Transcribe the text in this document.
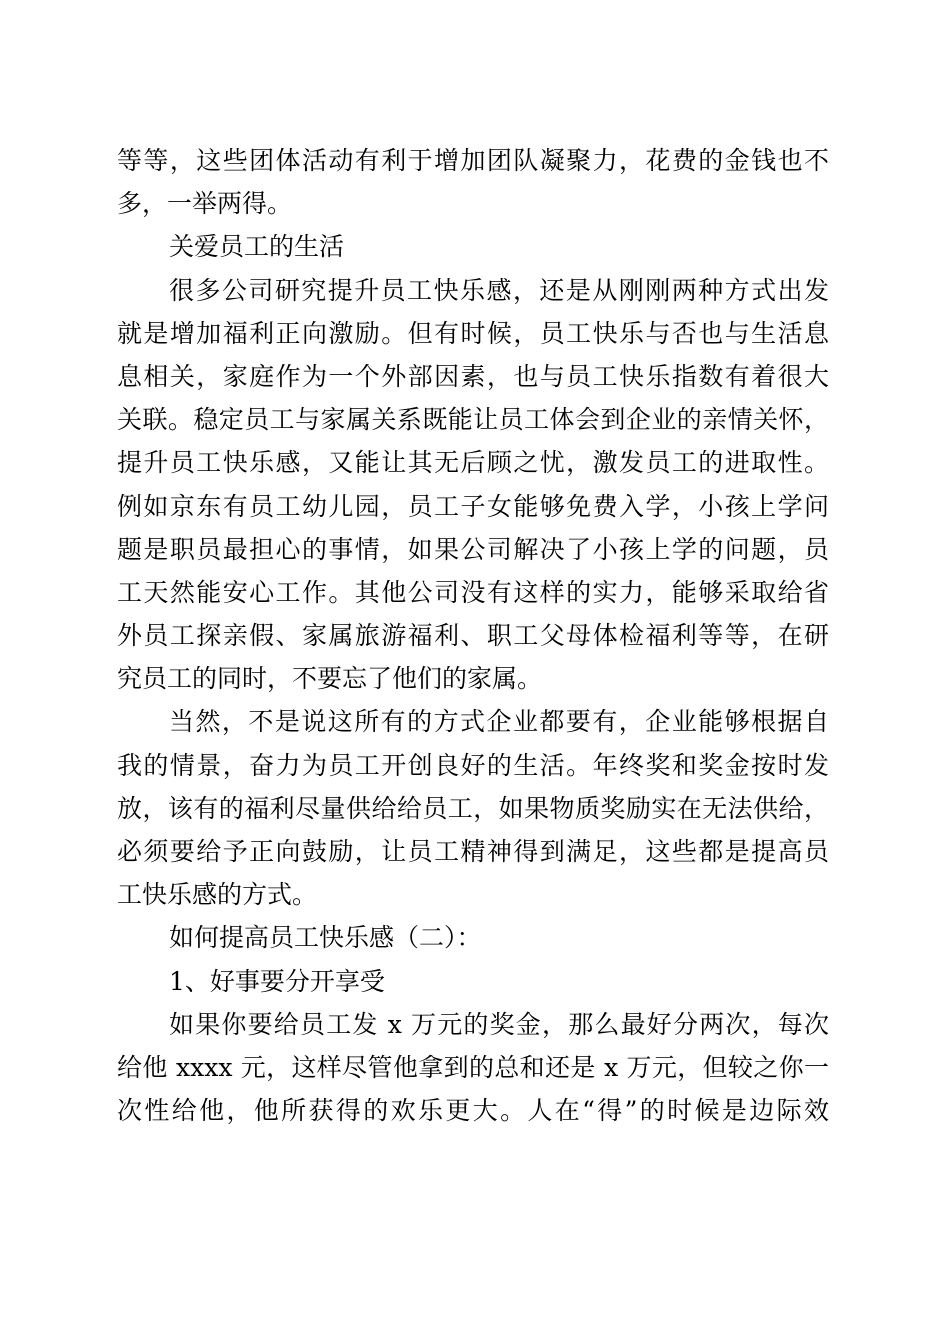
等等，这些团体活动有利于增加团队凝聚力，花费的金钱也不
多，一举两得。
关爱员工的生活
很多公司研究提升员工快乐感，还是从刚刚两种方式出发
就是增加福利正向激励。但有时候，员工快乐与否也与生活息
息相关，家庭作为一个外部因素，也与员工快乐指数有着很大
关联。稳定员工与家属关系既能让员工体会到企业的亲情关怀，
提升员工快乐感，又能让其无后顾之忧，激发员工的进取性。
例如京东有员工幼儿园，员工子女能够免费入学，小孩上学问
题是职员最担心的事情，如果公司解决了小孩上学的问题，员
工天然能安心工作。其他公司没有这样的实力，能够采取给省
外员工探亲假、家属旅游福利、职工父母体检福利等等，在研
究员工的同时，不要忘了他们的家属。
当然，不是说这所有的方式企业都要有，企业能够根据自
我的情景，奋力为员工开创良好的生活。年终奖和奖金按时发
放，该有的福利尽量供给给员工，如果物质奖励实在无法供给，
必须要给予正向鼓励，让员工精神得到满足，这些都是提高员
工快乐感的方式。
如何提高员工快乐感（二）：
1、好事要分开享受
如果你要给员工发 x 万元的奖金，那么最好分两次，每次
给他 xxxx 元，这样尽管他拿到的总和还是 x 万元，但较之你一
次性给他，他所获得的欢乐更大。人在“得”的时候是边际效
